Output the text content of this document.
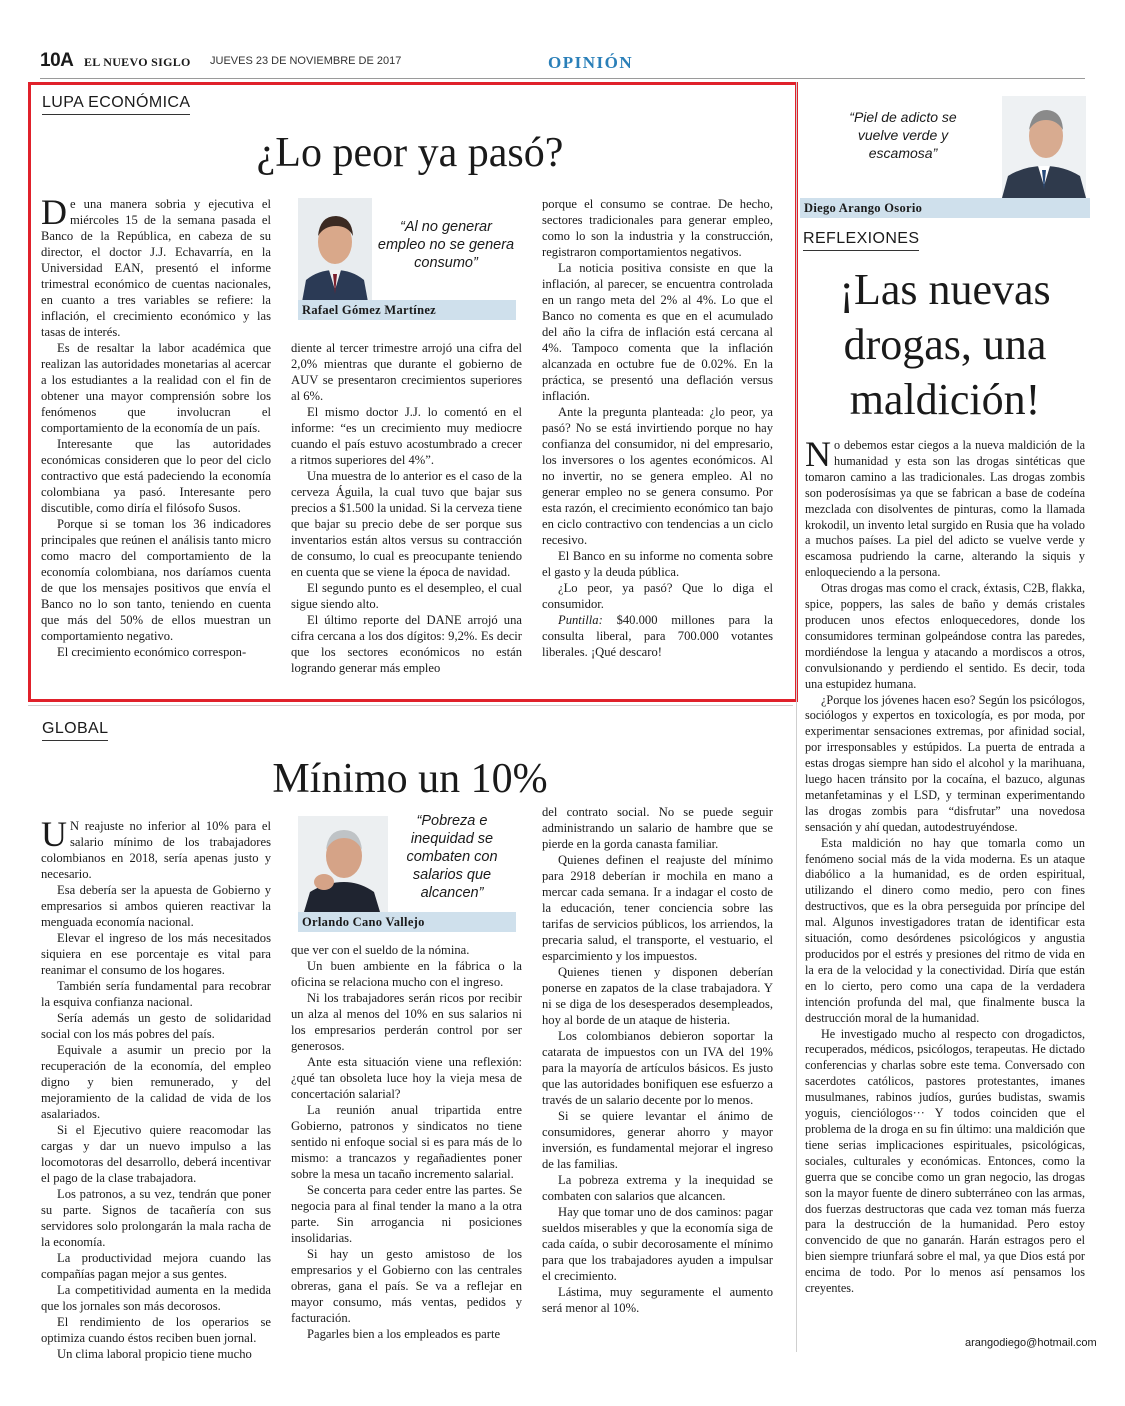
10A EL NUEVO SIGLO JUEVES 23 DE NOVIEMBRE DE 2017	OPINIÓN
LUPA ECONÓMICA
¿Lo peor ya pasó?
“Al no generar empleo no se genera consumo”
Rafael Gómez Martínez

De una manera sobria y ejecutiva el miércoles 15 de la semana pasada el Banco de la República, en cabeza de su director, el doctor J.J. Echavarría, en la Universidad EAN, presentó el informe trimestral económico de cuentas nacionales, en cuanto a tres variables se refiere: la inflación, el crecimiento económico y las tasas de interés.

Es de resaltar la labor académica que realizan las autoridades monetarias al acercar a los estudiantes a la realidad con el fin de obtener una mayor comprensión sobre los fenómenos que involucran el comportamiento de la economía de un país.

Interesante que las autoridades económicas consideren que lo peor del ciclo contractivo que está padeciendo la economía colombiana ya pasó. Interesante pero discutible, como diría el filósofo Susos.

Porque si se toman los 36 indicadores principales que reúnen el análisis tanto micro como macro del comportamiento de la economía colombiana, nos daríamos cuenta de que los mensajes positivos que envía el Banco no lo son tanto, teniendo en cuenta que más del 50% de ellos muestran un comportamiento negativo.

El crecimiento económico correspon-

diente al tercer trimestre arrojó una cifra del 2,0% mientras que durante el gobierno de AUV se presentaron crecimientos superiores al 6%.

El mismo doctor J.J. lo comentó en el informe: “es un crecimiento muy mediocre cuando el país estuvo acostumbrado a crecer a ritmos superiores del 4%”.

Una muestra de lo anterior es el caso de la cerveza Águila, la cual tuvo que bajar sus precios a $1.500 la unidad. Si la cerveza tiene que bajar su precio debe de ser porque sus inventarios están altos versus su contracción de consumo, lo cual es preocupante teniendo en cuenta que se viene la época de navidad.

El segundo punto es el desempleo, el cual sigue siendo alto.

El último reporte del DANE arrojó una cifra cercana a los dos dígitos: 9,2%. Es decir que los sectores económicos no están logrando generar más empleo

porque el consumo se contrae. De hecho, sectores tradicionales para generar empleo, como lo son la industria y la construcción, registraron comportamientos negativos.

La noticia positiva consiste en que la inflación, al parecer, se encuentra controlada en un rango meta del 2% al 4%. Lo que el Banco no comenta es que en el acumulado del año la cifra de inflación está cercana al 4%. Tampoco comenta que la inflación alcanzada en octubre fue de 0.02%. En la práctica, se presentó una deflación versus inflación.

Ante la pregunta planteada: ¿lo peor, ya pasó? No se está invirtiendo porque no hay confianza del consumidor, ni del empresario, los inversores o los agentes económicos. Al no invertir, no se genera empleo. Al no generar empleo no se genera consumo. Por esta razón, el crecimiento económico tan bajo en ciclo contractivo con tendencias a un ciclo recesivo.

El Banco en su informe no comenta sobre el gasto y la deuda pública.

¿Lo peor, ya pasó? Que lo diga el consumidor.

Puntilla: $40.000 millones para la consulta liberal, para 700.000 votantes liberales. ¡Qué descaro!

GLOBAL
Mínimo un 10%
“Pobreza e inequidad se combaten con salarios que alcancen”
Orlando Cano Vallejo

U N reajuste no inferior al 10% para el salario mínimo de los trabajadores colombianos en 2018, sería apenas justo y necesario.

Esa debería ser la apuesta de Gobierno y empresarios si ambos quieren reactivar la menguada economía nacional.

Elevar el ingreso de los más necesitados siquiera en ese porcentaje es vital para reanimar el consumo de los hogares.

También sería fundamental para recobrar la esquiva confianza nacional.

Sería además un gesto de solidaridad social con los más pobres del país.

Equivale a asumir un precio por la recuperación de la economía, del empleo digno y bien remunerado, y del mejoramiento de la calidad de vida de los asalariados.

Si el Ejecutivo quiere reacomodar las cargas y dar un nuevo impulso a las locomotoras del desarrollo, deberá incentivar el pago de la clase trabajadora.

Los patronos, a su vez, tendrán que poner su parte. Signos de tacañería con sus servidores solo prolongarán la mala racha de la economía.

La productividad mejora cuando las compañías pagan mejor a sus gentes.

La competitividad aumenta en la medida que los jornales son más decorosos.

El rendimiento de los operarios se optimiza cuando éstos reciben buen jornal.

Un clima laboral propicio tiene mucho

que ver con el sueldo de la nómina.

Un buen ambiente en la fábrica o la oficina se relaciona mucho con el ingreso.

Ni los trabajadores serán ricos por recibir un alza al menos del 10% en sus salarios ni los empresarios perderán control por ser generosos.

Ante esta situación viene una reflexión: ¿qué tan obsoleta luce hoy la vieja mesa de concertación salarial?

La reunión anual tripartida entre Gobierno, patronos y sindicatos no tiene sentido ni enfoque social si es para más de lo mismo: a trancazos y regañadientes poner sobre la mesa un tacaño incremento salarial.

Se concerta para ceder entre las partes. Se negocia para al final tender la mano a la otra parte. Sin arrogancia ni posiciones insolidarias.

Si hay un gesto amistoso de los empresarios y el Gobierno con las centrales obreras, gana el país. Se va a reflejar en mayor consumo, más ventas, pedidos y facturación.

Pagarles bien a los empleados es parte

del contrato social. No se puede seguir administrando un salario de hambre que se pierde en la gorda canasta familiar.

Quienes definen el reajuste del mínimo para 2918 deberían ir mochila en mano a mercar cada semana. Ir a indagar el costo de la educación, tener conciencia sobre las tarifas de servicios públicos, los arriendos, la precaria salud, el transporte, el vestuario, el esparcimiento y los impuestos.

Quienes tienen y disponen deberían ponerse en zapatos de la clase trabajadora. Y ni se diga de los desesperados desempleados, hoy al borde de un ataque de histeria.

Los colombianos debieron soportar la catarata de impuestos con un IVA del 19% para la mayoría de artículos básicos. Es justo que las autoridades bonifiquen ese esfuerzo a través de un salario decente por lo menos.

Si se quiere levantar el ánimo de consumidores, generar ahorro y mayor inversión, es fundamental mejorar el ingreso de las familias.

La pobreza extrema y la inequidad se combaten con salarios que alcancen.

Hay que tomar uno de dos caminos: pagar sueldos miserables y que la economía siga de cada caída, o subir decorosamente el mínimo para que los trabajadores ayuden a impulsar el crecimiento.

Lástima, muy seguramente el aumento será menor al 10%.

“Piel de adicto se vuelve verde y escamosa”
Diego Arango Osorio
REFLEXIONES
¡Las nuevas
drogas, una
maldición!

No debemos estar ciegos a la nueva maldición de la humanidad y esta son las drogas sintéticas que tomaron camino a las tradicionales. Las drogas zombis son poderosísimas ya que se fabrican a base de codeína mezclada con disolventes de pinturas, como la llamada krokodil, un invento letal surgido en Rusia que ha volado a muchos países. La piel del adicto se vuelve verde y escamosa pudriendo la carne, alterando la siquis y enloqueciendo a la persona.

Otras drogas mas como el crack, éxtasis, C2B, flakka, spice, poppers, las sales de baño y demás cristales producen unos efectos enloquecedores, donde los consumidores terminan golpeándose contra las paredes, mordiéndose la lengua y atacando a mordiscos a otros, convulsionando y perdiendo el sentido. Es decir, toda una estupidez humana.

¿Porque los jóvenes hacen eso? Según los psicólogos, sociólogos y expertos en toxicología, es por moda, por experimentar sensaciones extremas, por afinidad social, por irresponsables y estúpidos. La puerta de entrada a estas drogas siempre han sido el alcohol y la marihuana, luego hacen tránsito por la cocaína, el bazuco, algunas metanfetaminas y el LSD, y terminan experimentando las drogas zombis para “disfrutar” una novedosa sensación y ahí quedan, autodestruyéndose.

Esta maldición no hay que tomarla como un fenómeno social más de la vida moderna. Es un ataque diabólico a la humanidad, es de orden espiritual, utilizando el dinero como medio, pero con fines destructivos, que es la obra perseguida por príncipe del mal. Algunos investigadores tratan de identificar esta situación, como desórdenes psicológicos y angustia producidos por el estrés y presiones del ritmo de vida en la era de la velocidad y la conectividad. Diría que están en lo cierto, pero como una capa de la verdadera intención profunda del mal, que finalmente busca la destrucción moral de la humanidad.

He investigado mucho al respecto con drogadictos, recuperados, médicos, psicólogos, terapeutas. He dictado conferencias y charlas sobre este tema. Conversado con sacerdotes católicos, pastores protestantes, imanes musulmanes, rabinos judíos, gurúes budistas, swamis yoguis, cienciólogos··· Y todos coinciden que el problema de la droga en su fin último: una maldición que tiene serias implicaciones espirituales, psicológicas, sociales, culturales y económicas. Entonces, como la guerra que se concibe como un gran negocio, las drogas son la mayor fuente de dinero subterráneo con las armas, dos fuerzas destructoras que cada vez toman más fuerza para la destrucción de la humanidad. Pero estoy convencido de que no ganarán. Harán estragos pero el bien siempre triunfará sobre el mal, ya que Dios está por encima de todo. Por lo menos así pensamos los creyentes.

arangodiego@hotmail.com
